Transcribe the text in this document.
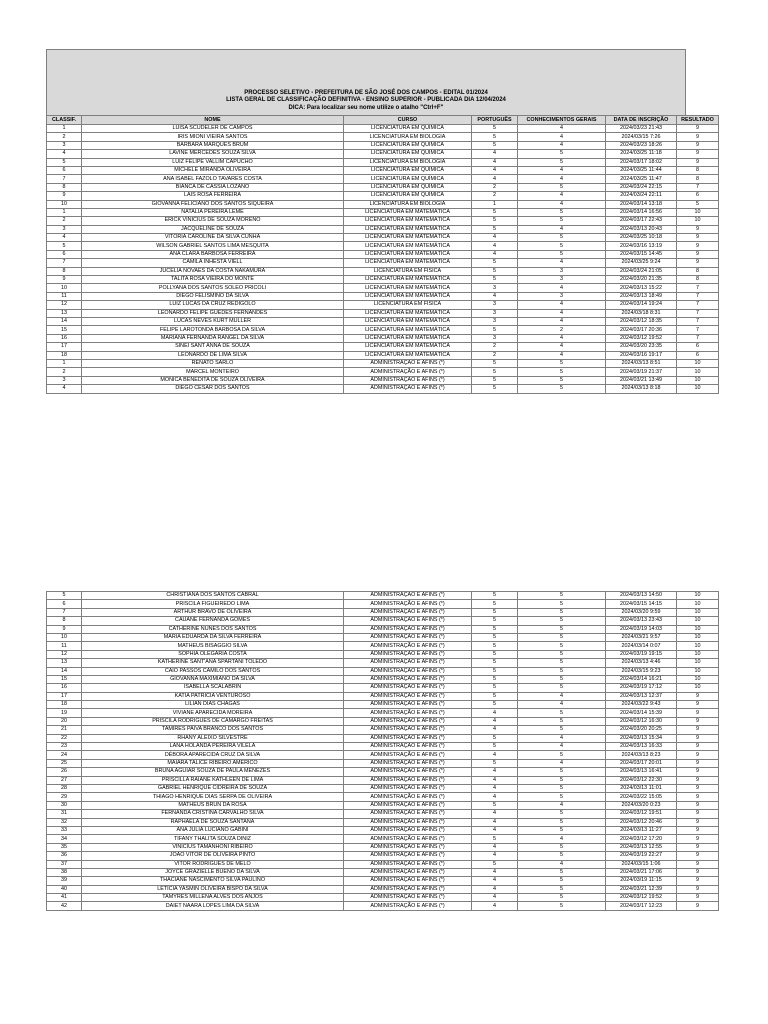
PROCESSO SELETIVO - PREFEITURA DE SÃO JOSÉ DOS CAMPOS - EDITAL 01/2024
LISTA GERAL DE CLASSIFICAÇÃO DEFINITIVA - ENSINO SUPERIOR - PUBLICADA DIA 12/04/2024
DICA: Para localizar seu nome utilize o atalho "Ctrl+F"
CLASSIF.	NOME	CURSO	PORTUGUÊS	CONHECIMENTOS GERAIS	DATA DE INSCRIÇÃO	RESULTADO
1	LUÍSA SCUDELER DE CAMPOS	LICENCIATURA EM QUÍMICA	5	4	2024/03/23 21:43	9
2	IRIS MIONI VIEIRA SANTOS	LICENCIATURA EM BIOLOGIA	5	4	2024/03/15 7:26	9
3	BÁRBARA MARQUES BRUM	LICENCIATURA EM QUÍMICA	5	4	2024/03/23 18:26	9
4	LAVINE MERCEDES SOUZA SILVA	LICENCIATURA EM QUÍMICA	4	5	2024/03/25 11:18	9
5	LUIZ FELIPE VALLIM CAPUCHO	LICENCIATURA EM BIOLOGIA	4	5	2024/03/17 18:02	9
6	MICHELE MIRANDA OLIVEIRA	LICENCIATURA EM QUÍMICA	4	4	2024/03/25 11:44	8
7	ANA ISABEL FAZOLO TAVARES COSTA	LICENCIATURA EM QUÍMICA	4	4	2024/03/25 11:47	8
8	BIANCA DE CASSIA LOZANO	LICENCIATURA EM QUÍMICA	2	5	2024/03/24 22:15	7
9	LAIS ROSA FERREIRA	LICENCIATURA EM QUÍMICA	2	4	2024/03/24 22:11	6
10	GIOVANNA FELICIANO DOS SANTOS SIQUEIRA	LICENCIATURA EM BIOLOGIA	1	4	2024/03/14 13:18	5
1	NATALIA PEREIRA LEME	LICENCIATURA EM MATEMÁTICA	5	5	2024/03/14 16:56	10
2	ERICK VINICIUS DE SOUZA MORENO	LICENCIATURA EM MATEMÁTICA	5	5	2024/03/17 22:43	10
3	JACQUELINE DE SOUZA	LICENCIATURA EM MATEMÁTICA	5	4	2024/03/13 20:43	9
4	VITÓRIA CAROLINE DA SILVA CUNHA	LICENCIATURA EM MATEMÁTICA	4	5	2024/03/25 10:18	9
5	WILSON GABRIEL SANTOS LIMA MESQUITA	LICENCIATURA EM MATEMÁTICA	4	5	2024/03/16 13:19	9
6	ANA CLARA BARBOSA FERREIRA	LICENCIATURA EM MATEMÁTICA	4	5	2024/03/15 14:45	9
7	CAMILA INHESTA VIELL	LICENCIATURA EM MATEMÁTICA	5	4	2024/03/25 9:24	9
8	JUCELIA NOVAES DA COSTA NAKAMURA	LICENCIATURA EM FÍSICA	5	3	2024/03/24 21:05	8
9	TALITA ROSA VIEIRA DO MONTE	LICENCIATURA EM MATEMÁTICA	5	3	2024/03/20 21:35	8
10	POLLYANA DOS SANTOS SOLEO PRICOLI	LICENCIATURA EM MATEMÁTICA	3	4	2024/03/13 15:22	7
11	DIEGO FELISMINO DA SILVA	LICENCIATURA EM MATEMÁTICA	4	3	2024/03/13 18:49	7
12	LUIZ LUCAS DA CRUZ REDIGOLO	LICENCIATURA EM FÍSICA	3	4	2024/03/14 19:24	7
13	LEONARDO FELIPE GUEDES FERNANDES	LICENCIATURA EM MATEMÁTICA	3	4	2024/03/18 8:31	7
14	LUCAS NEVES KURT MULLER	LICENCIATURA EM MATEMÁTICA	3	4	2024/03/12 18:35	7
15	FELIPE LAROTONDA BARBOSA DA SILVA	LICENCIATURA EM MATEMÁTICA	5	2	2024/03/17 20:36	7
16	MARIANA FERNANDA RANGEL DA SILVA	LICENCIATURA EM MATEMÁTICA	3	4	2024/03/12 19:52	7
17	SINEI SANT ANNA DE SOUZA	LICENCIATURA EM MATEMÁTICA	2	4	2024/03/20 23:35	6
18	LEONARDO DE LIMA SILVA	LICENCIATURA EM MATEMÁTICA	2	4	2024/03/16 19:17	6
1	RENATO SARLO	ADMINISTRAÇÃO E AFINS (*)	5	5	2024/03/13 8:51	10
2	MARCEL MONTEIRO	ADMINISTRAÇÃO E AFINS (*)	5	5	2024/03/19 21:37	10
3	MONICA BENEDITA DE SOUZA OLIVEIRA	ADMINISTRAÇÃO E AFINS (*)	5	5	2024/03/21 13:49	10
4	DIEGO CÉSAR DOS SANTOS	ADMINISTRAÇÃO E AFINS (*)	5	5	2024/03/13 8:18	10
5	CHRISTIANA DOS SANTOS CABRAL	ADMINISTRAÇÃO E AFINS (*)	5	5	2024/03/13 14:50	10
6	PRISCILA FIGUEIREDO LIMA	ADMINISTRAÇÃO E AFINS (*)	5	5	2024/03/15 14:15	10
7	ARTHUR BRAVO DE OLIVEIRA	ADMINISTRAÇÃO E AFINS (*)	5	5	2024/03/20 9:59	10
8	CAUANE FERNANDA GOMES	ADMINISTRAÇÃO E AFINS (*)	5	5	2024/03/13 23:43	10
9	CATHERINE NUNES DOS SANTOS	ADMINISTRAÇÃO E AFINS (*)	5	5	2024/03/19 14:03	10
10	MARIA EDUARDA DA SILVA FERREIRA	ADMINISTRAÇÃO E AFINS (*)	5	5	2024/03/21 9:57	10
11	MATHEUS BISAGGIO SILVA	ADMINISTRAÇÃO E AFINS (*)	5	5	2024/03/14 0:07	10
12	SOPHIA OLEGARIA COSTA	ADMINISTRAÇÃO E AFINS (*)	5	5	2024/03/19 19:15	10
13	KATHERINE SANT'ANA SPARTANI TOLEDO	ADMINISTRAÇÃO E AFINS (*)	5	5	2024/03/13 4:46	10
14	CAIO PASSOS CAMILO DOS SANTOS	ADMINISTRAÇÃO E AFINS (*)	5	5	2024/03/15 9:23	10
15	GIOVANNA MAXIMIANO DA SILVA	ADMINISTRAÇÃO E AFINS (*)	5	5	2024/03/14 16:21	10
16	ISABELLA SCALABRIN	ADMINISTRAÇÃO E AFINS (*)	5	5	2024/03/19 17:12	10
17	KATIA PATRICIA VENTUROSO	ADMINISTRAÇÃO E AFINS (*)	5	4	2024/03/13 12:37	9
18	LILIAN DIAS CHAGAS	ADMINISTRAÇÃO E AFINS (*)	5	4	2024/03/22 9:43	9
19	VIVIANE APARECIDA MOREIRA	ADMINISTRAÇÃO E AFINS (*)	4	5	2024/03/14 15:39	9
20	PRISCILA RODRIGUES DE CAMARGO FREITAS	ADMINISTRAÇÃO E AFINS (*)	4	5	2024/03/12 16:30	9
21	TAMIRES PAIVA BRANCO DOS SANTOS	ADMINISTRAÇÃO E AFINS (*)	4	5	2024/03/20 20:25	9
22	RHANY ALEIXO SILVESTRE	ADMINISTRAÇÃO E AFINS (*)	5	4	2024/03/13 15:34	9
23	LANA HOLANDA PEREIRA VILELA	ADMINISTRAÇÃO E AFINS (*)	5	4	2024/03/13 16:33	9
24	DÉBORA APARECIDA CRUZ DA SILVA	ADMINISTRAÇÃO E AFINS (*)	4	5	2024/03/13 8:23	9
25	MAIARA TALICE RIBEIRO AMERICO	ADMINISTRAÇÃO E AFINS (*)	5	4	2024/03/17 20:01	9
26	BRUNA AGUIAR SOUZA DE PAULA MENEZES	ADMINISTRAÇÃO E AFINS (*)	4	5	2024/03/13 16:41	9
27	PRISCILLA RAIANE KATHLEEN DE LIMA	ADMINISTRAÇÃO E AFINS (*)	4	5	2024/03/12 22:30	9
28	GABRIEL HENRIQUE CIDREIRA DE SOUZA	ADMINISTRAÇÃO E AFINS (*)	4	5	2024/03/13 11:01	9
29	THIAGO HENRIQUE DIAS SERPA DE OLIVEIRA	ADMINISTRAÇÃO E AFINS (*)	4	5	2024/03/22 15:05	9
30	MATHEUS BRUN DA ROSA	ADMINISTRAÇÃO E AFINS (*)	5	4	2024/03/20 0:23	9
31	FERNANDA CRISTINA CARVALHO SILVA	ADMINISTRAÇÃO E AFINS (*)	4	5	2024/03/12 19:51	9
32	RAPHAELA DE SOUZA SANTANA	ADMINISTRAÇÃO E AFINS (*)	4	5	2024/03/12 20:46	9
33	ANA JULIA LUCIANO GABINI	ADMINISTRAÇÃO E AFINS (*)	4	5	2024/03/13 11:27	9
34	TIFANY THALITA SOUZA DINIZ	ADMINISTRAÇÃO E AFINS (*)	5	4	2024/03/12 17:20	9
35	VINICIUS TAMANHONI RIBEIRO	ADMINISTRAÇÃO E AFINS (*)	4	5	2024/03/13 12:55	9
36	JOAO VITOR DE OLIVEIRA PINTO	ADMINISTRAÇÃO E AFINS (*)	4	5	2024/03/19 22:27	9
37	VITOR RODRIGUES DE MELO	ADMINISTRAÇÃO E AFINS (*)	5	4	2024/03/15 1:06	9
38	JOYCE GRAZIELLE BUENO DA SILVA	ADMINISTRAÇÃO E AFINS (*)	4	5	2024/03/21 17:06	9
39	THACIANE NASCIMENTO SILVA PAULINO	ADMINISTRAÇÃO E AFINS (*)	4	5	2024/03/19 11:15	9
40	LETICIA YASMIN OLIVEIRA BISPO DA SILVA	ADMINISTRAÇÃO E AFINS (*)	4	5	2024/03/21 12:39	9
41	TAMYRES MILLENA ALVES DOS ANJOS	ADMINISTRAÇÃO E AFINS (*)	4	5	2024/03/12 19:52	9
42	DAIET NAARA LOPES LIMA DA SILVA	ADMINISTRAÇÃO E AFINS (*)	4	5	2024/03/17 12:23	9
